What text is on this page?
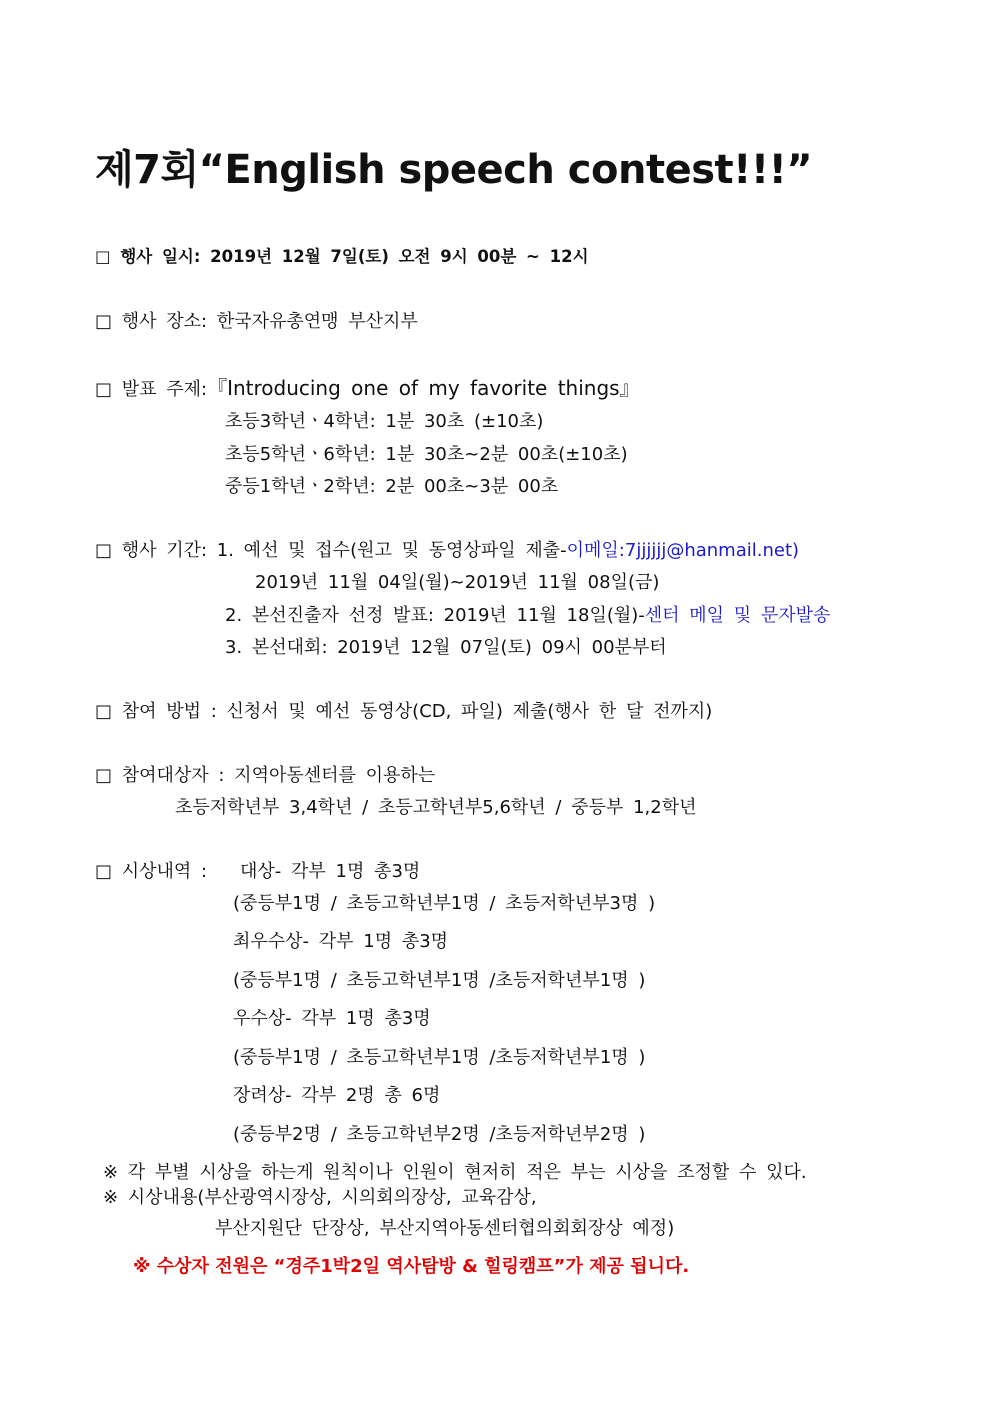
제7회“English speech contest!!!”
□ 행사 일시: 2019년 12월 7일(토) 오전 9시 00분 ~ 12시
□ 행사 장소: 한국자유총연맹 부산지부
□ 발표 주제:『Introducing one of my favorite things』
초등3학년ㆍ4학년: 1분 30초 (±10초)
초등5학년ㆍ6학년: 1분 30초~2분 00초(±10초)
중등1학년ㆍ2학년: 2분 00초~3분 00초
□ 행사 기간: 1. 예선 및 접수(원고 및 동영상파일 제출-이메일:7jjjjjj@hanmail.net)
2019년 11월 04일(월)~2019년 11월 08일(금)
2. 본선진출자 선정 발표: 2019년 11월 18일(월)-센터 메일 및 문자발송
3. 본선대회: 2019년 12월 07일(토) 09시 00분부터
□ 참여 방법 : 신청서 및 예선 동영상(CD, 파일) 제출(행사 한 달 전까지)
□ 참여대상자 : 지역아동센터를 이용하는
초등저학년부 3,4학년 / 초등고학년부5,6학년 / 중등부 1,2학년
□ 시상내역 : 대상- 각부 1명 총3명
(중등부1명 / 초등고학년부1명 / 초등저학년부3명 )
최우수상- 각부 1명 총3명
(중등부1명 / 초등고학년부1명 /초등저학년부1명 )
우수상- 각부 1명 총3명
(중등부1명 / 초등고학년부1명 /초등저학년부1명 )
장려상- 각부 2명 총 6명
(중등부2명 / 초등고학년부2명 /초등저학년부2명 )
※ 각 부별 시상을 하는게 원칙이나 인원이 현저히 적은 부는 시상을 조정할 수 있다.
※ 시상내용(부산광역시장상, 시의회의장상, 교육감상,
부산지원단 단장상, 부산지역아동센터협의회회장상 예정)
※ 수상자 전원은 “경주1박2일 역사탐방 & 힐링캠프”가 제공 됩니다.
